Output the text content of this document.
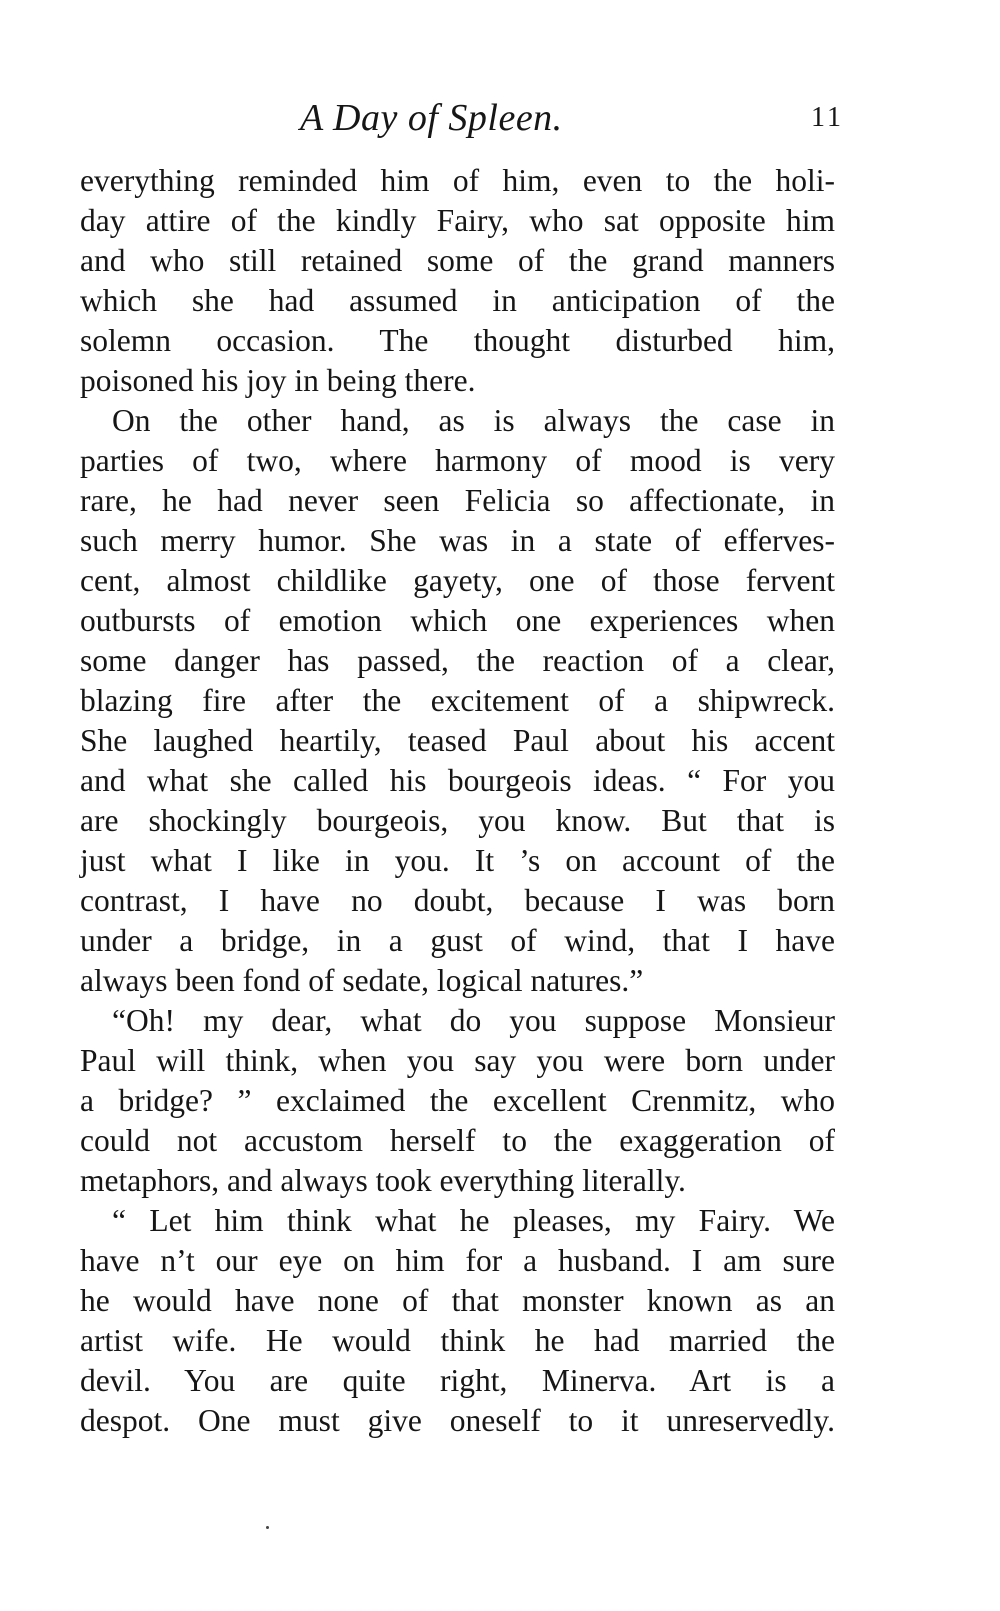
A Day of Spleen.	11
everything reminded him of him, even to the holi-
day attire of the kindly Fairy, who sat opposite him
and who still retained some of the grand manners
which she had assumed in anticipation of the
solemn occasion. The thought disturbed him,
poisoned his joy in being there.
On the other hand, as is always the case in
parties of two, where harmony of mood is very
rare, he had never seen Felicia so affectionate, in
such merry humor. She was in a state of efferves-
cent, almost childlike gayety, one of those fervent
outbursts of emotion which one experiences when
some danger has passed, the reaction of a clear,
blazing fire after the excitement of a shipwreck.
She laughed heartily, teased Paul about his accent
and what she called his bourgeois ideas. “ For you
are shockingly bourgeois, you know. But that is
just what I like in you. It ’s on account of the
contrast, I have no doubt, because I was born
under a bridge, in a gust of wind, that I have
always been fond of sedate, logical natures.”
“Oh! my dear, what do you suppose Monsieur
Paul will think, when you say you were born under
a bridge? ” exclaimed the excellent Crenmitz, who
could not accustom herself to the exaggeration of
metaphors, and always took everything literally.
“ Let him think what he pleases, my Fairy. We
have n’t our eye on him for a husband. I am sure
he would have none of that monster known as an
artist wife. He would think he had married the
devil. You are quite right, Minerva. Art is a
despot. One must give oneself to it unreservedly.
